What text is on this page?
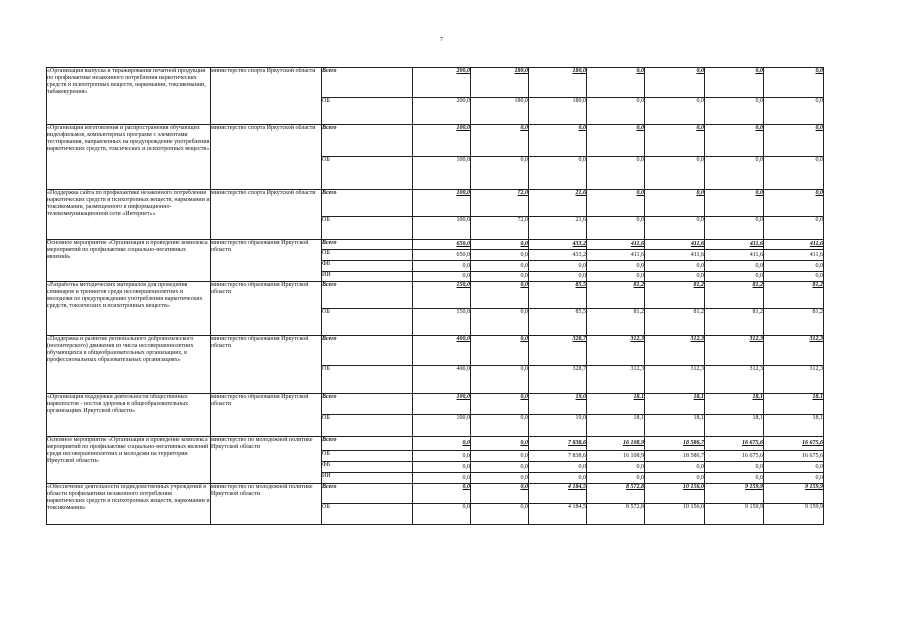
7
«Организация выпуска и тиражирования печатной продукции по профилактике незаконного потребления наркотических средств и психотропных веществ, наркомании, токсикомании, табакокурения»	министерство спорта Иркутской области	Всего	200,0	180,0	180,0	0,0	0,0	0,0	0,0
		ОБ	200,0	180,0	180,0	0,0	0,0	0,0	0,0
«Организация изготовления и распространения обучающих видеофильмов, компьютерных программ с элементами тестирования, направленных на предупреждение употребления наркотических средств, токсических и психотропных веществ»	министерство спорта Иркутской области	Всего	100,0	0,0	0,0	0,0	0,0	0,0	0,0
		ОБ	100,0	0,0	0,0	0,0	0,0	0,0	0,0
«Поддержка сайта по профилактике незаконного потребления наркотических средств и психотропных веществ, наркомании и токсикомании, размещенного в информационно-телекоммуникационной сети «Интернет»»	министерство спорта Иркутской области	Всего	100,0	72,0	21,6	0,0	0,0	0,0	0,0
		ОБ	100,0	72,0	21,6	0,0	0,0	0,0	0,0
Основное мероприятие «Организация и проведение комплекса мероприятий по профилактике социально-негативных явлений»	министерство образования Иркутской области	Всего	650,0	0,0	433,2	411,6	411,6	411,6	411,6
		ОБ	650,0	0,0	433,2	411,6	411,6	411,6	411,6
		ФБ	0,0	0,0	0,0	0,0	0,0	0,0	0,0
		ИИ	0,0	0,0	0,0	0,0	0,0	0,0	0,0
«Разработка методических материалов для проведения семинаров и тренингов среди несовершеннолетних и молодежи по предупреждению употребления наркотических средств, токсических и психотропных веществ»	министерство образования Иркутской области	Всего	150,0	0,0	85,5	81,2	81,2	81,2	81,2
		ОБ	150,0	0,0	85,5	81,2	81,2	81,2	81,2
«Поддержка и развитие регионального добровольческого (волонтерского) движения из числа несовершеннолетних обучающихся в общеобразовательных организациях, в профессиональных образовательных организациях»	министерство образования Иркутской области	Всего	400,0	0,0	328,7	312,3	312,3	312,3	312,3
		ОБ	400,0	0,0	328,7	312,3	312,3	312,3	312,3
«Организация поддержки деятельности общественных наркопостов - постов здоровья в общеобразовательных организациях Иркутской области»	министерство образования Иркутской области	Всего	100,0	0,0	19,0	18,1	18,1	18,1	18,1
		ОБ	100,0	0,0	19,0	18,1	18,1	18,1	18,1
Основное мероприятие «Организация и проведение комплекса мероприятий по профилактике социально-негативных явлений среди несовершеннолетних и молодежи на территории Иркутской области»	министерство по молодежной политике Иркутской области	Всего	0,0	0,0	7 838,6	16 108,9	18 586,7	16 675,6	16 675,6
		ОБ	0,0	0,0	7 838,6	16 108,9	18 586,7	16 675,6	16 675,6
		ФБ	0,0	0,0	0,0	0,0	0,0	0,0	0,0
		ИИ	0,0	0,0	0,0	0,0	0,0	0,0	0,0
«Обеспечение деятельности подведомственных учреждений в области профилактики незаконного потребления наркотических средств и психотропных веществ, наркомании и токсикомании»	министерство по молодежной политике Иркутской области	Всего	0,0	0,0	4 184,5	8 572,8	10 156,0	9 159,9	9 159,9
		ОБ	0,0	0,0	4 184,5	8 572,8	10 156,0	9 159,9	9 159,9
